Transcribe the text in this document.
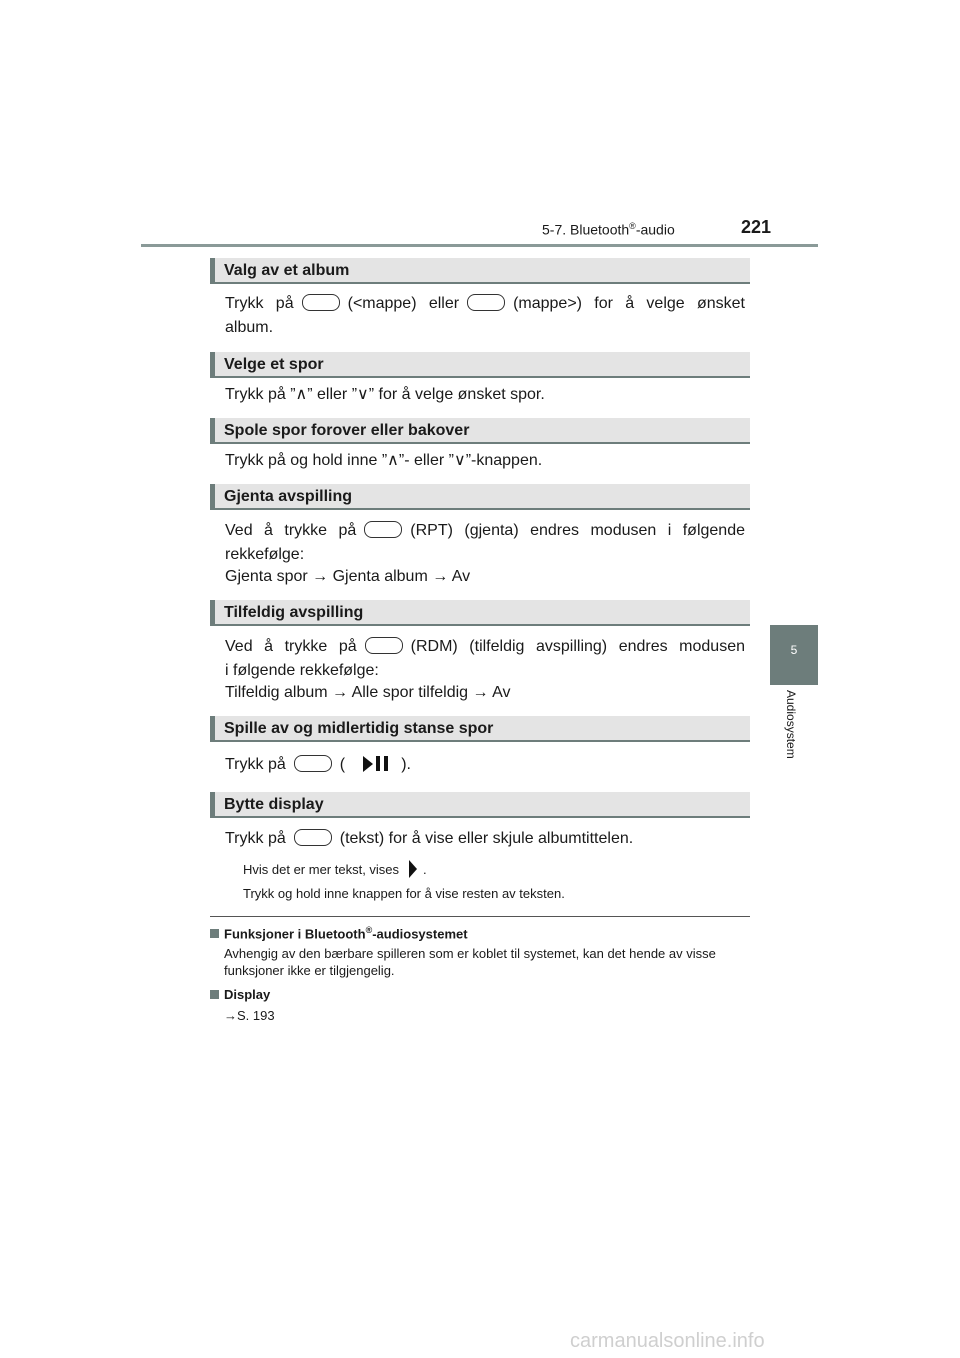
5-7. Bluetooth®-audio	221
5
Audiosystem
Valg av et album
Trykk på	(<mappe) eller	(mappe>) for å velge ønsket
album.
Velge et spor
Trykk på ”∧” eller ”∨” for å velge ønsket spor.
Spole spor forover eller bakover
Trykk på og hold inne ”∧”- eller ”∨”-knappen.
Gjenta avspilling
Ved å trykke på	(RPT) (gjenta) endres modusen i følgende
rekkefølge:
Gjenta spor → Gjenta album → Av
Tilfeldig avspilling
Ved å trykke på	(RDM) (tilfeldig avspilling) endres modusen
i følgende rekkefølge:
Tilfeldig album → Alle spor tilfeldig → Av
Spille av og midlertidig stanse spor
Trykk på	(	).
Bytte display
Trykk på	(tekst) for å vise eller skjule albumtittelen.
Hvis det er mer tekst, vises .
Trykk og hold inne knappen for å vise resten av teksten.
Funksjoner i Bluetooth®-audiosystemet
Avhengig av den bærbare spilleren som er koblet til systemet, kan det hende av visse funksjoner ikke er tilgjengelig.
Display
→S. 193
carmanualsonline.info
